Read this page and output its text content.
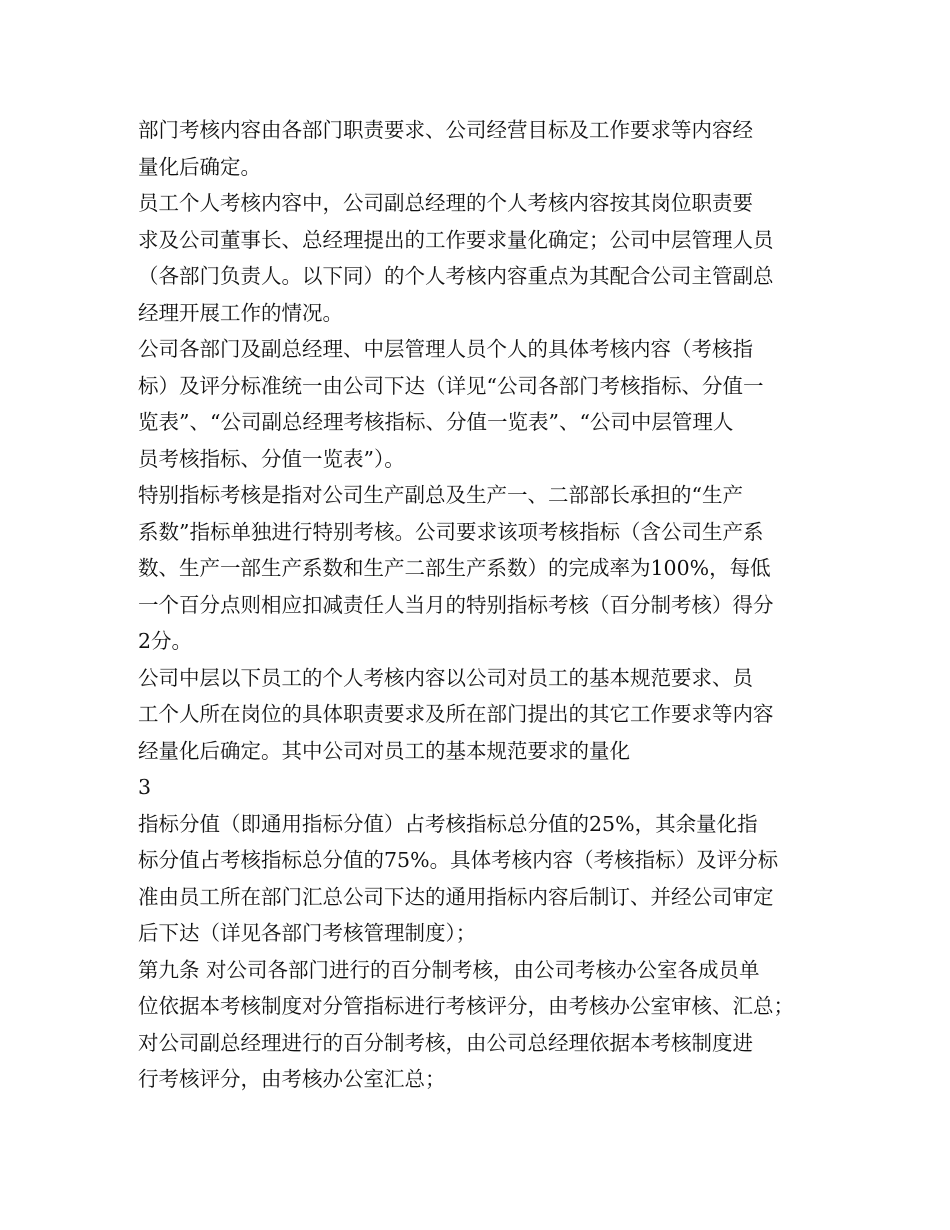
部门考核内容由各部门职责要求、公司经营目标及工作要求等内容经
量化后确定。
员工个人考核内容中，公司副总经理的个人考核内容按其岗位职责要
求及公司董事长、总经理提出的工作要求量化确定；公司中层管理人员
（各部门负责人。以下同）的个人考核内容重点为其配合公司主管副总
经理开展工作的情况。
公司各部门及副总经理、中层管理人员个人的具体考核内容（考核指
标）及评分标准统一由公司下达（详见“公司各部门考核指标、分值一
览表”、“公司副总经理考核指标、分值一览表”、“公司中层管理人
员考核指标、分值一览表”）。
特别指标考核是指对公司生产副总及生产一、二部部长承担的“生产
系数”指标单独进行特别考核。公司要求该项考核指标（含公司生产系
数、生产一部生产系数和生产二部生产系数）的完成率为100%，每低
一个百分点则相应扣减责任人当月的特别指标考核（百分制考核）得分
2分。
公司中层以下员工的个人考核内容以公司对员工的基本规范要求、员
工个人所在岗位的具体职责要求及所在部门提出的其它工作要求等内容
经量化后确定。其中公司对员工的基本规范要求的量化
3
指标分值（即通用指标分值）占考核指标总分值的25%，其余量化指
标分值占考核指标总分值的75%。具体考核内容（考核指标）及评分标
准由员工所在部门汇总公司下达的通用指标内容后制订、并经公司审定
后下达（详见各部门考核管理制度）；
第九条 对公司各部门进行的百分制考核，由公司考核办公室各成员单
位依据本考核制度对分管指标进行考核评分，由考核办公室审核、汇总；
对公司副总经理进行的百分制考核，由公司总经理依据本考核制度进
行考核评分，由考核办公室汇总；
